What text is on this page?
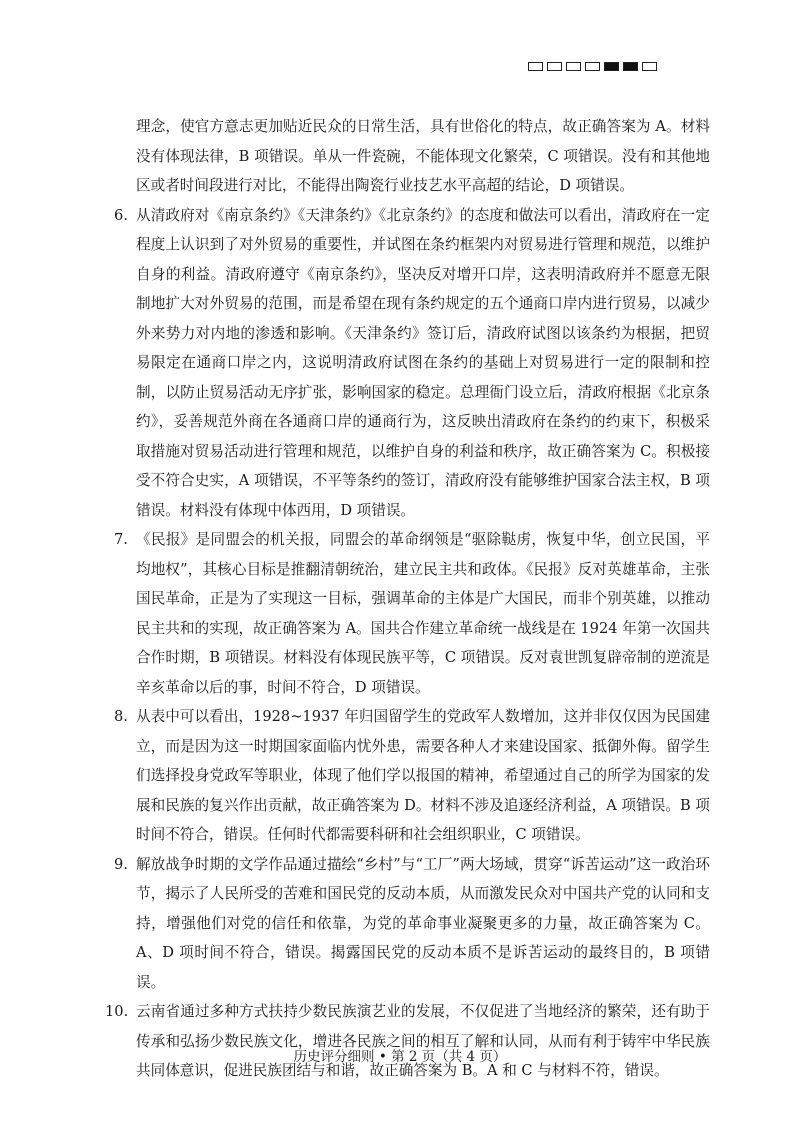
理念，使官方意志更加贴近民众的日常生活，具有世俗化的特点，故正确答案为 A。材料没有体现法律，B 项错误。单从一件瓷碗，不能体现文化繁荣，C 项错误。没有和其他地区或者时间段进行对比，不能得出陶瓷行业技艺水平高超的结论，D 项错误。

6. 从清政府对《南京条约》《天津条约》《北京条约》的态度和做法可以看出，清政府在一定程度上认识到了对外贸易的重要性，并试图在条约框架内对贸易进行管理和规范，以维护自身的利益。清政府遵守《南京条约》，坚决反对增开口岸，这表明清政府并不愿意无限制地扩大对外贸易的范围，而是希望在现有条约规定的五个通商口岸内进行贸易，以减少外来势力对内地的渗透和影响。《天津条约》签订后，清政府试图以该条约为根据，把贸易限定在通商口岸之内，这说明清政府试图在条约的基础上对贸易进行一定的限制和控制，以防止贸易活动无序扩张，影响国家的稳定。总理衙门设立后，清政府根据《北京条约》，妥善规范外商在各通商口岸的通商行为，这反映出清政府在条约的约束下，积极采取措施对贸易活动进行管理和规范，以维护自身的利益和秩序，故正确答案为 C。积极接受不符合史实，A 项错误，不平等条约的签订，清政府没有能够维护国家合法主权，B 项错误。材料没有体现中体西用，D 项错误。

7. 《民报》是同盟会的机关报，同盟会的革命纲领是“驱除鞑虏，恢复中华，创立民国，平均地权”，其核心目标是推翻清朝统治，建立民主共和政体。《民报》反对英雄革命，主张国民革命，正是为了实现这一目标，强调革命的主体是广大国民，而非个别英雄，以推动民主共和的实现，故正确答案为 A。国共合作建立革命统一战线是在 1924 年第一次国共合作时期，B 项错误。材料没有体现民族平等，C 项错误。反对袁世凯复辟帝制的逆流是辛亥革命以后的事，时间不符合，D 项错误。

8. 从表中可以看出，1928~1937 年归国留学生的党政军人数增加，这并非仅仅因为民国建立，而是因为这一时期国家面临内忧外患，需要各种人才来建设国家、抵御外侮。留学生们选择投身党政军等职业，体现了他们学以报国的精神，希望通过自己的所学为国家的发展和民族的复兴作出贡献，故正确答案为 D。材料不涉及追逐经济利益，A 项错误。B 项时间不符合，错误。任何时代都需要科研和社会组织职业，C 项错误。

9. 解放战争时期的文学作品通过描绘“乡村”与“工厂”两大场域，贯穿“诉苦运动”这一政治环节，揭示了人民所受的苦难和国民党的反动本质，从而激发民众对中国共产党的认同和支持，增强他们对党的信任和依靠，为党的革命事业凝聚更多的力量，故正确答案为 C。A、D 项时间不符合，错误。揭露国民党的反动本质不是诉苦运动的最终目的，B 项错误。

10. 云南省通过多种方式扶持少数民族演艺业的发展，不仅促进了当地经济的繁荣，还有助于传承和弘扬少数民族文化，增进各民族之间的相互了解和认同，从而有利于铸牢中华民族共同体意识，促进民族团结与和谐，故正确答案为 B。A 和 C 与材料不符，错误。

历史评分细则 • 第 2 页（共 4 页）
